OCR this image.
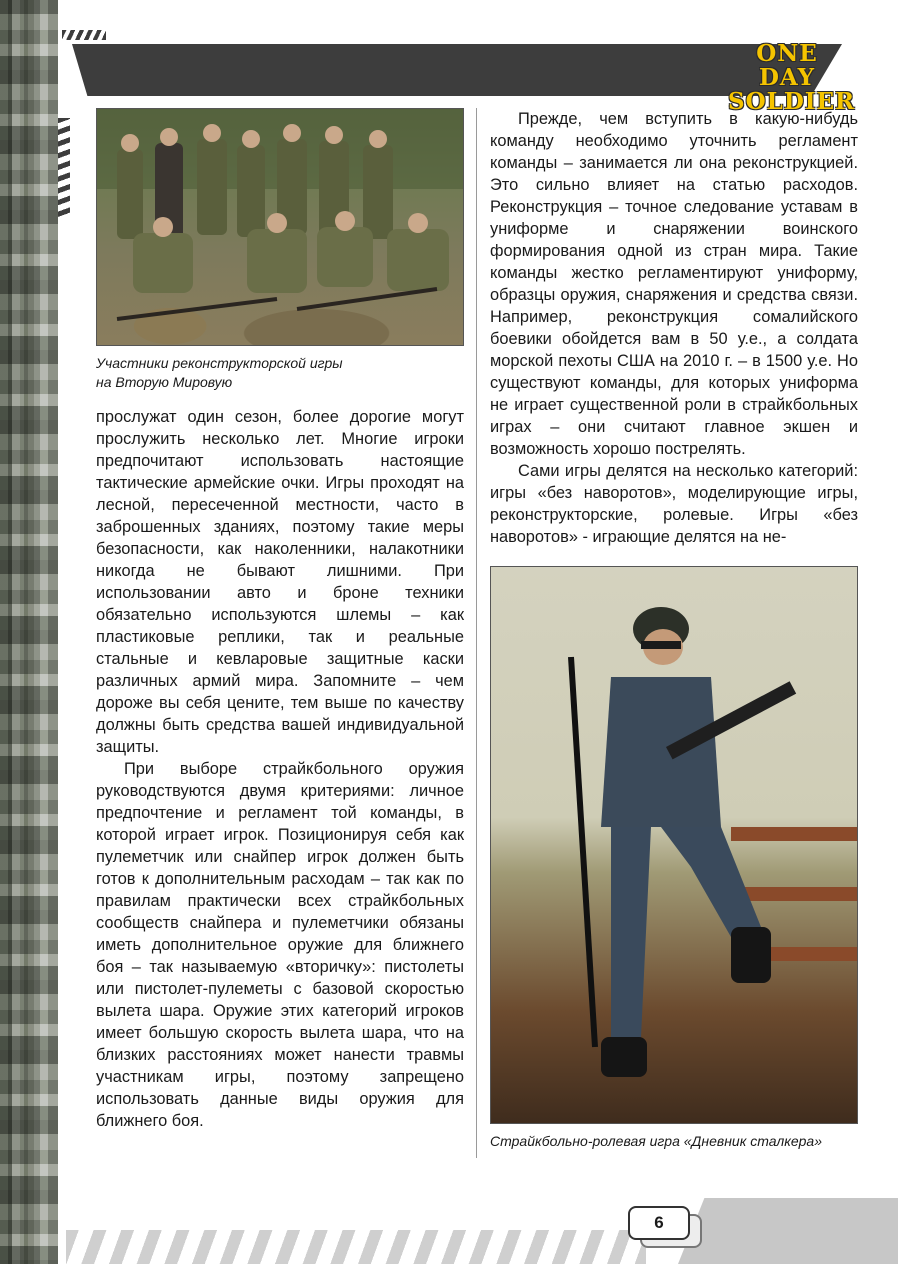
ONE DAY
SOLDIER
Участники реконструкторской игры
на Вторую Мировую

прослужат один сезон, более дорогие могут прослужить несколько лет. Многие игроки предпочитают использовать настоящие тактические армейские очки. Игры проходят на лесной, пересеченной местности, часто в заброшенных зданиях, поэтому такие меры безопасности, как наколенники, налакотники никогда не бывают лишними. При использовании авто и броне техники обязательно используются шлемы – как пластиковые реплики, так и реальные стальные и кевларовые защитные каски различных армий мира. Запомните – чем дороже вы себя цените, тем выше по качеству должны быть средства вашей индивидуальной защиты.

При выборе страйкбольного оружия руководствуются двумя критериями: личное предпочтение и регламент той команды, в которой играет игрок. Позиционируя себя как пулеметчик или снайпер игрок должен быть готов к дополнительным расходам – так как по правилам практически всех страйкбольных сообществ снайпера и пулеметчики обязаны иметь дополнительное оружие для ближнего боя – так называемую «вторичку»: пистолеты или пистолет-пулеметы с базовой скоростью вылета шара. Оружие этих категорий игроков имеет большую скорость вылета шара, что на близких расстояниях может нанести травмы участникам игры, поэтому запрещено использовать данные виды оружия для ближнего боя.

Прежде, чем вступить в какую-нибудь команду необходимо уточнить регламент команды – занимается ли она реконструкцией. Это сильно влияет на статью расходов. Реконструкция – точное следование уставам в униформе и снаряжении воинского формирования одной из стран мира. Такие команды жестко регламентируют униформу, образцы оружия, снаряжения и средства связи. Например, реконструкция сомалийского боевики обойдется вам в 50 у.е., а солдата морской пехоты США на 2010 г. – в 1500 у.е. Но существуют команды, для которых униформа не играет существенной роли в страйкбольных играх – они считают главное экшен и возможность хорошо пострелять.

Сами игры делятся на несколько категорий: игры «без наворотов», моделирующие игры, реконструкторские, ролевые. Игры «без наворотов» - играющие делятся на не-

Страйкбольно-ролевая игра «Дневник сталкера»
6
